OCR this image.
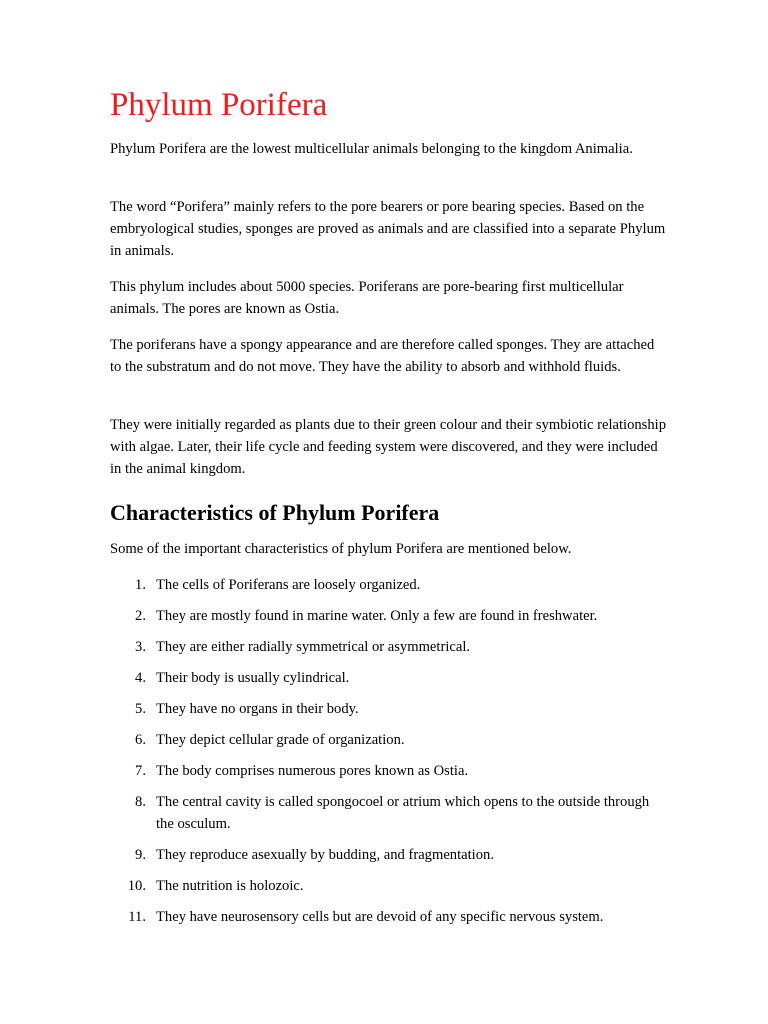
Phylum Porifera

Phylum Porifera are the lowest multicellular animals belonging to the kingdom Animalia.

The word “Porifera” mainly refers to the pore bearers or pore bearing species. Based on the embryological studies, sponges are proved as animals and are classified into a separate Phylum in animals.

This phylum includes about 5000 species. Poriferans are pore-bearing first multicellular animals. The pores are known as Ostia.

The poriferans have a spongy appearance and are therefore called sponges. They are attached to the substratum and do not move. They have the ability to absorb and withhold fluids.

They were initially regarded as plants due to their green colour and their symbiotic relationship with algae. Later, their life cycle and feeding system were discovered, and they were included in the animal kingdom.

Characteristics of Phylum Porifera

Some of the important characteristics of phylum Porifera are mentioned below.

1. The cells of Poriferans are loosely organized.
2. They are mostly found in marine water. Only a few are found in freshwater.
3. They are either radially symmetrical or asymmetrical.
4. Their body is usually cylindrical.
5. They have no organs in their body.
6. They depict cellular grade of organization.
7. The body comprises numerous pores known as Ostia.
8. The central cavity is called spongocoel or atrium which opens to the outside through the osculum.
9. They reproduce asexually by budding, and fragmentation.
10. The nutrition is holozoic.
11. They have neurosensory cells but are devoid of any specific nervous system.
